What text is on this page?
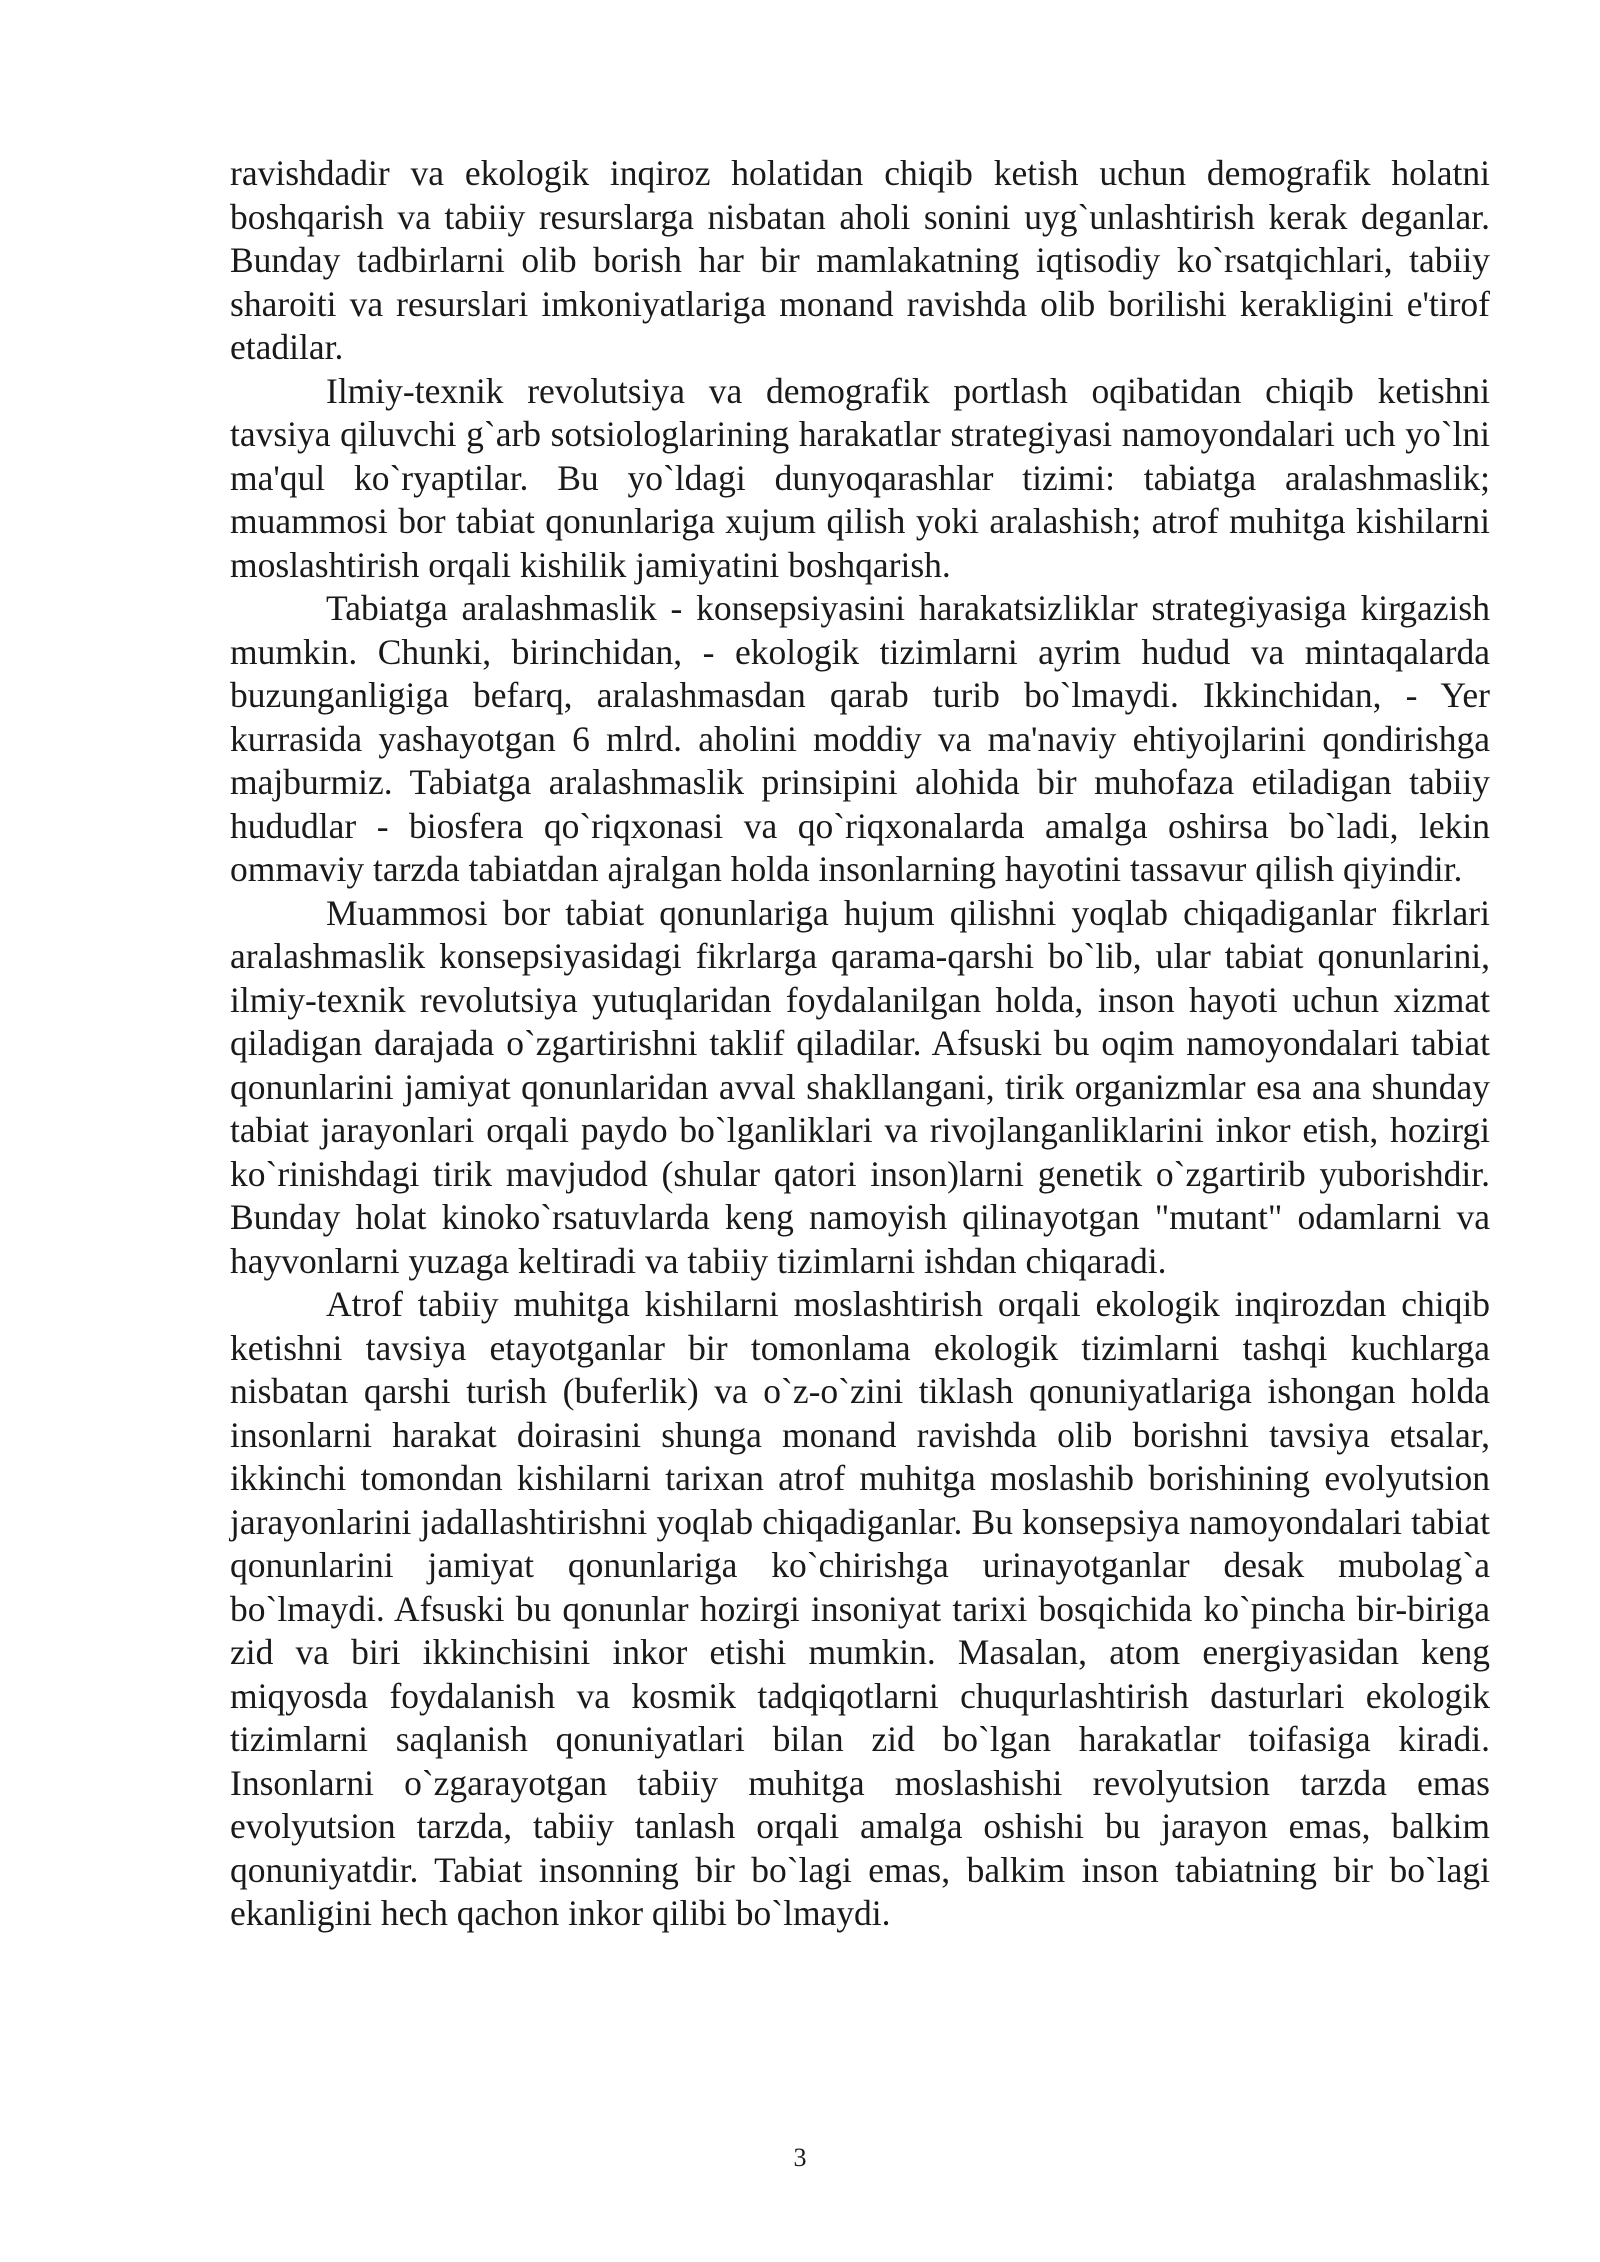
ravishdadir va ekologik inqiroz holatidan chiqib ketish uchun demografik holatni boshqarish va tabiiy resurslarga nisbatan aholi sonini uyg`unlashtirish kerak deganlar. Bunday tadbirlarni olib borish har bir mamlakatning iqtisodiy ko`rsatqichlari, tabiiy sharoiti va resurslari imkoniyatlariga monand ravishda olib borilishi kerakligini e'tirof etadilar.

Ilmiy-texnik revolutsiya va demografik portlash oqibatidan chiqib ketishni tavsiya qiluvchi g`arb sotsiologlarining harakatlar strategiyasi namoyondalari uch yo`lni ma'qul ko`ryaptilar. Bu yo`ldagi dunyoqarashlar tizimi: tabiatga aralashmaslik; muammosi bor tabiat qonunlariga xujum qilish yoki aralashish; atrof muhitga kishilarni moslashtirish orqali kishilik jamiyatini boshqarish.

Tabiatga aralashmaslik - konsepsiyasini harakatsizliklar strategiyasiga kirgazish mumkin. Chunki, birinchidan, - ekologik tizimlarni ayrim hudud va mintaqalarda buzunganligiga befarq, aralashmasdan qarab turib bo`lmaydi. Ikkinchidan, - Yer kurrasida yashayotgan 6 mlrd. aholini moddiy va ma'naviy ehtiyojlarini qondirishga majburmiz. Tabiatga aralashmaslik prinsipini alohida bir muhofaza etiladigan tabiiy hududlar - biosfera qo`riqxonasi va qo`riqxonalarda amalga oshirsa bo`ladi, lekin ommaviy tarzda tabiatdan ajralgan holda insonlarning hayotini tassavur qilish qiyindir.

Muammosi bor tabiat qonunlariga hujum qilishni yoqlab chiqadiganlar fikrlari aralashmaslik konsepsiyasidagi fikrlarga qarama-qarshi bo`lib, ular tabiat qonunlarini, ilmiy-texnik revolutsiya yutuqlaridan foydalanilgan holda, inson hayoti uchun xizmat qiladigan darajada o`zgartirishni taklif qiladilar. Afsuski bu oqim namoyondalari tabiat qonunlarini jamiyat qonunlaridan avval shakllangani, tirik organizmlar esa ana shunday tabiat jarayonlari orqali paydo bo`lganliklari va rivojlanganliklarini inkor etish, hozirgi ko`rinishdagi tirik mavjudod (shular qatori inson)larni genetik o`zgartirib yuborishdir. Bunday holat kinoko`rsatuvlarda keng namoyish qilinayotgan "mutant" odamlarni va hayvonlarni yuzaga keltiradi va tabiiy tizimlarni ishdan chiqaradi.

Atrof tabiiy muhitga kishilarni moslashtirish orqali ekologik inqirozdan chiqib ketishni tavsiya etayotganlar bir tomonlama ekologik tizimlarni tashqi kuchlarga nisbatan qarshi turish (buferlik) va o`z-o`zini tiklash qonuniyatlariga ishongan holda insonlarni harakat doirasini shunga monand ravishda olib borishni tavsiya etsalar, ikkinchi tomondan kishilarni tarixan atrof muhitga moslashib borishining evolyutsion jarayonlarini jadallashtirishni yoqlab chiqadiganlar. Bu konsepsiya namoyondalari tabiat qonunlarini jamiyat qonunlariga ko`chirishga urinayotganlar desak mubolag`a bo`lmaydi. Afsuski bu qonunlar hozirgi insoniyat tarixi bosqichida ko`pincha bir-biriga zid va biri ikkinchisini inkor etishi mumkin. Masalan, atom energiyasidan keng miqyosda foydalanish va kosmik tadqiqotlarni chuqurlashtirish dasturlari ekologik tizimlarni saqlanish qonuniyatlari bilan zid bo`lgan harakatlar toifasiga kiradi. Insonlarni o`zgarayotgan tabiiy muhitga moslashishi revolyutsion tarzda emas evolyutsion tarzda, tabiiy tanlash orqali amalga oshishi bu jarayon emas, balkim qonuniyatdir. Tabiat insonning bir bo`lagi emas, balkim inson tabiatning bir bo`lagi ekanligini hech qachon inkor qilibi bo`lmaydi.

3
